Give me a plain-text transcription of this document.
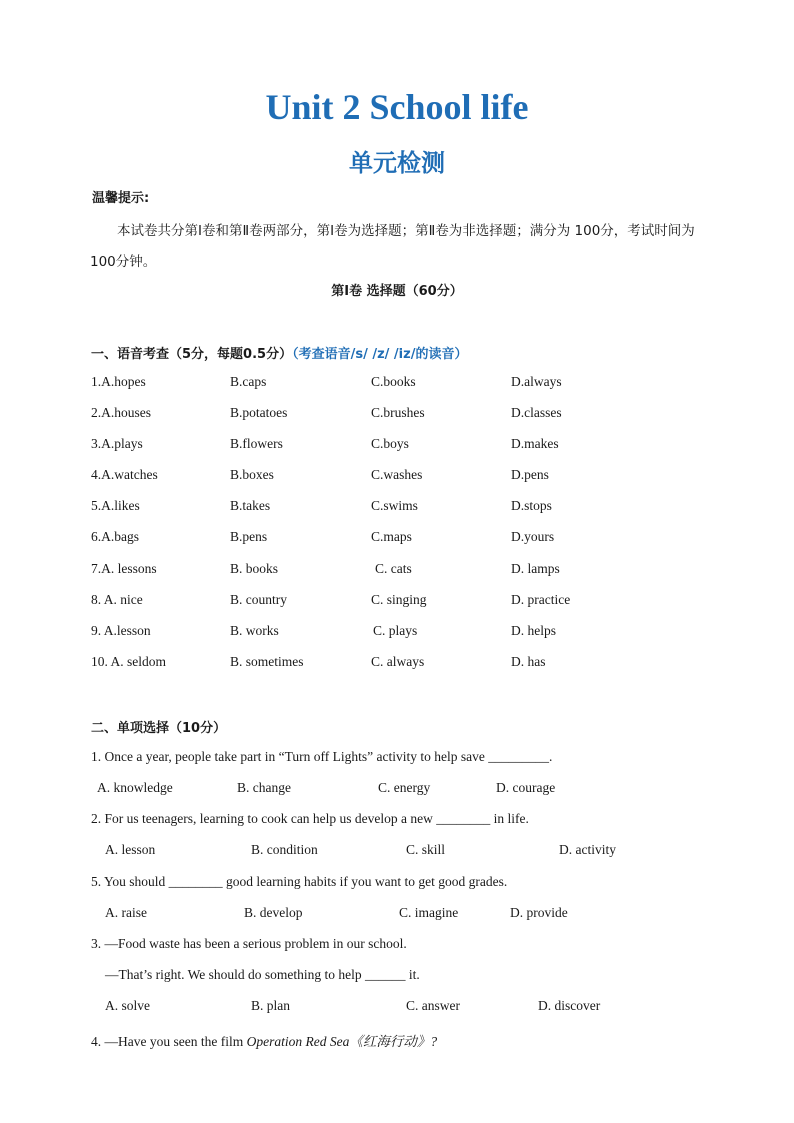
Unit 2 School life
单元检测
温馨提示:
本试卷共分第Ⅰ卷和第Ⅱ卷两部分，第Ⅰ卷为选择题；第Ⅱ卷为非选择题；满分为 100分，考试时间为 100分钟。
第Ⅰ卷 选择题（60分）
一、语音考查（5分，每题0.5分）（考查语音/s/ /z/ /iz/的读音）
1.A.hopes	B.caps	C.books	D.always
2.A.houses	B.potatoes	C.brushes	D.classes
3.A.plays	B.flowers	C.boys	D.makes
4.A.watches	B.boxes	C.washes	D.pens
5.A.likes	B.takes	C.swims	D.stops
6.A.bags	B.pens	C.maps	D.yours
7.A. lessons	B. books	C. cats	D. lamps
8. A. nice	B. country	C. singing	D. practice
9. A.lesson	B. works	C. plays	D. helps
10. A. seldom	B. sometimes	C. always	D. has
二、单项选择（10分）
1. Once a year, people take part in “Turn off Lights” activity to help save _________.
A. knowledge	B. change	C. energy	D. courage
2. For us teenagers, learning to cook can help us develop a new ________ in life.
A. lesson	B. condition	C. skill	D. activity
5. You should ________ good learning habits if you want to get good grades.
A. raise	B. develop	C. imagine	D. provide
3. —Food waste has been a serious problem in our school.
—That’s right. We should do something to help ______ it.
A. solve	B. plan	C. answer	D. discover
4. —Have you seen the film Operation Red Sea《红海行动》?
